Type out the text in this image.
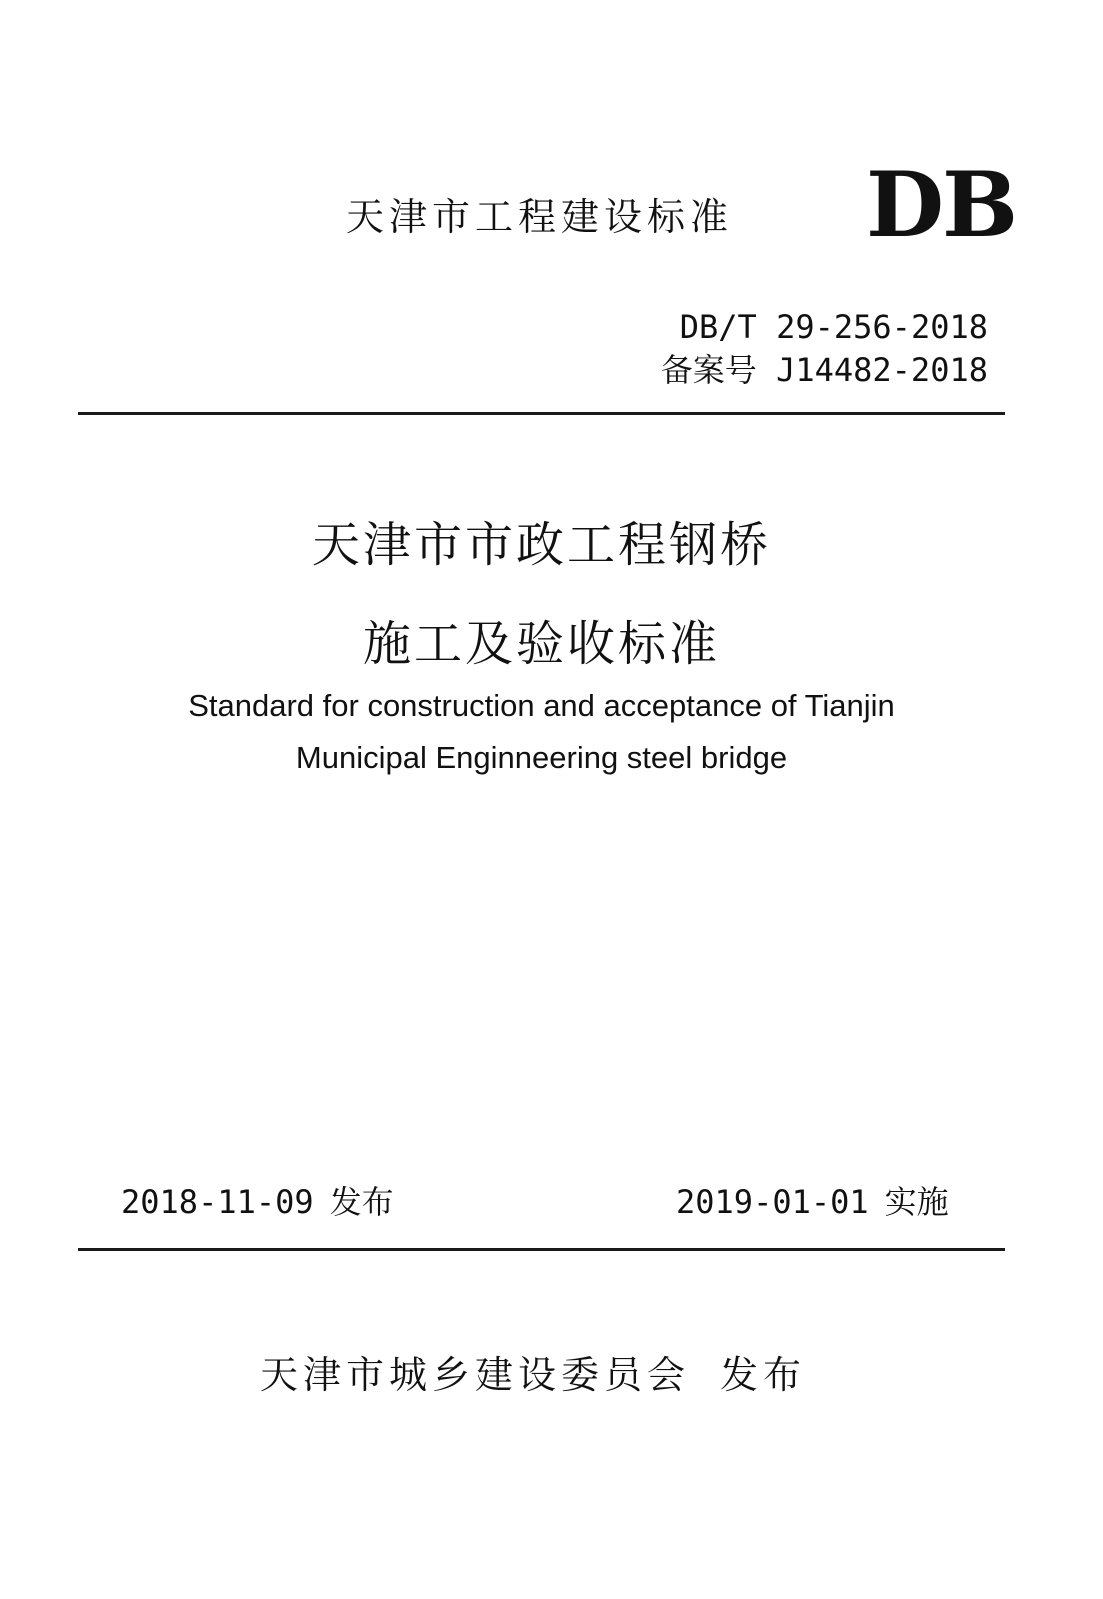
天津市工程建设标准 DB
DB/T 29-256-2018
备案号 J14482-2018
天津市市政工程钢桥
施工及验收标准
Standard for construction and acceptance of Tianjin
Municipal Enginneering steel bridge
2018-11-09 发布	2019-01-01 实施
天津市城乡建设委员会 发布
